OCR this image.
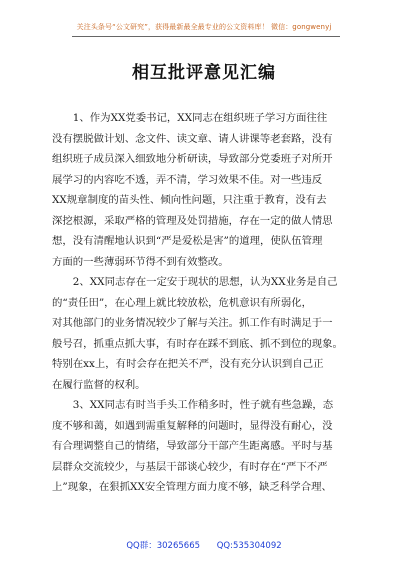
关注头条号“公文研究”，获得最新最全最专业的公文资料库！ 微信：gongwenyj
相互批评意见汇编

　　1、作为XX党委书记，XX同志在组织班子学习方面往往
没有摆脱做计划、念文件、读文章、请人讲课等老套路，没有
组织班子成员深入细致地分析研读，导致部分党委班子对所开
展学习的内容吃不透，弄不清，学习效果不佳。对一些违反
XX规章制度的苗头性、倾向性问题，只注重于教育，没有去
深挖根源，采取严格的管理及处罚措施，存在一定的做人情思
想，没有清醒地认识到“严是爱松是害”的道理，使队伍管理
方面的一些薄弱环节得不到有效整改。

　　2、XX同志存在一定安于现状的思想，认为XX业务是自己
的“责任田”，在心理上就比较放松，危机意识有所弱化，
对其他部门的业务情况较少了解与关注。抓工作有时满足于一
般号召，抓重点抓大事，有时存在踩不到底、抓不到位的现象。
特别在xx上，有时会存在把关不严，没有充分认识到自己正
在履行监督的权利。

　　3、XX同志有时当手头工作稍多时，性子就有些急躁，态
度不够和蔼，如遇到需重复解释的问题时，显得没有耐心，没
有合理调整自己的情绪，导致部分干部产生距离感。平时与基
层群众交流较少，与基层干部谈心较少，有时存在“严下不严
上”现象，在狠抓XX安全管理方面力度不够，缺乏科学合理、

QQ群：30265665 QQ:535304092
